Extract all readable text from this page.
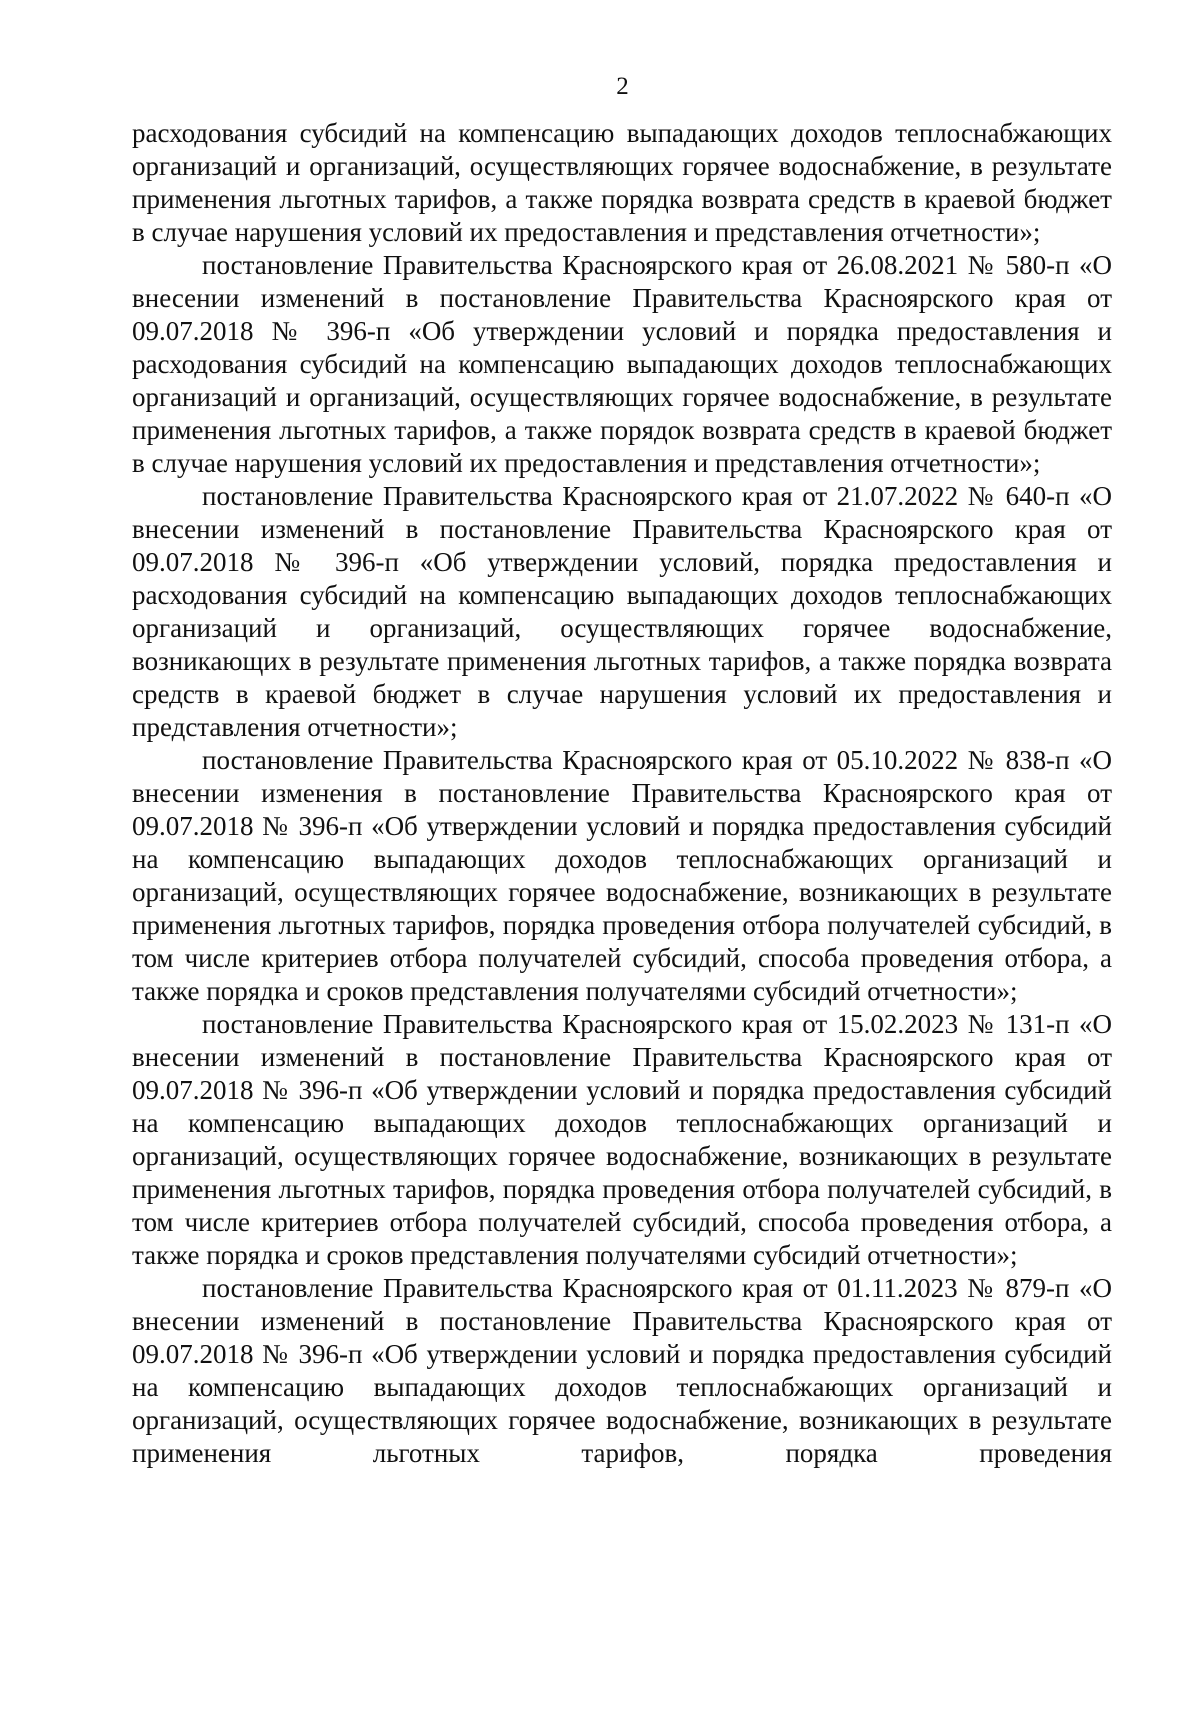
2

расходования субсидий на компенсацию выпадающих доходов теплоснабжающих организаций и организаций, осуществляющих горячее водоснабжение, в результате применения льготных тарифов, а также порядка возврата средств в краевой бюджет в случае нарушения условий их предоставления и представления отчетности»;

постановление Правительства Красноярского края от 26.08.2021 № 580-п «О внесении изменений в постановление Правительства Красноярского края от 09.07.2018 № 396-п «Об утверждении условий и порядка предоставления и расходования субсидий на компенсацию выпадающих доходов теплоснабжающих организаций и организаций, осуществляющих горячее водоснабжение, в результате применения льготных тарифов, а также порядок возврата средств в краевой бюджет в случае нарушения условий их предоставления и представления отчетности»;

постановление Правительства Красноярского края от 21.07.2022 № 640-п «О внесении изменений в постановление Правительства Красноярского края от 09.07.2018 № 396-п «Об утверждении условий, порядка предоставления и расходования субсидий на компенсацию выпадающих доходов теплоснабжающих организаций и организаций, осуществляющих горячее водоснабжение, возникающих в результате применения льготных тарифов, а также порядка возврата средств в краевой бюджет в случае нарушения условий их предоставления и представления отчетности»;

постановление Правительства Красноярского края от 05.10.2022 № 838-п «О внесении изменения в постановление Правительства Красноярского края от 09.07.2018 № 396-п «Об утверждении условий и порядка предоставления субсидий на компенсацию выпадающих доходов теплоснабжающих организаций и организаций, осуществляющих горячее водоснабжение, возникающих в результате применения льготных тарифов, порядка проведения отбора получателей субсидий, в том числе критериев отбора получателей субсидий, способа проведения отбора, а также порядка и сроков представления получателями субсидий отчетности»;

постановление Правительства Красноярского края от 15.02.2023 № 131-п «О внесении изменений в постановление Правительства Красноярского края от 09.07.2018 № 396-п «Об утверждении условий и порядка предоставления субсидий на компенсацию выпадающих доходов теплоснабжающих организаций и организаций, осуществляющих горячее водоснабжение, возникающих в результате применения льготных тарифов, порядка проведения отбора получателей субсидий, в том числе критериев отбора получателей субсидий, способа проведения отбора, а также порядка и сроков представления получателями субсидий отчетности»;

постановление Правительства Красноярского края от 01.11.2023 № 879-п «О внесении изменений в постановление Правительства Красноярского края от 09.07.2018 № 396-п «Об утверждении условий и порядка предоставления субсидий на компенсацию выпадающих доходов теплоснабжающих организаций и организаций, осуществляющих горячее водоснабжение, возникающих в результате применения льготных тарифов, порядка проведения
